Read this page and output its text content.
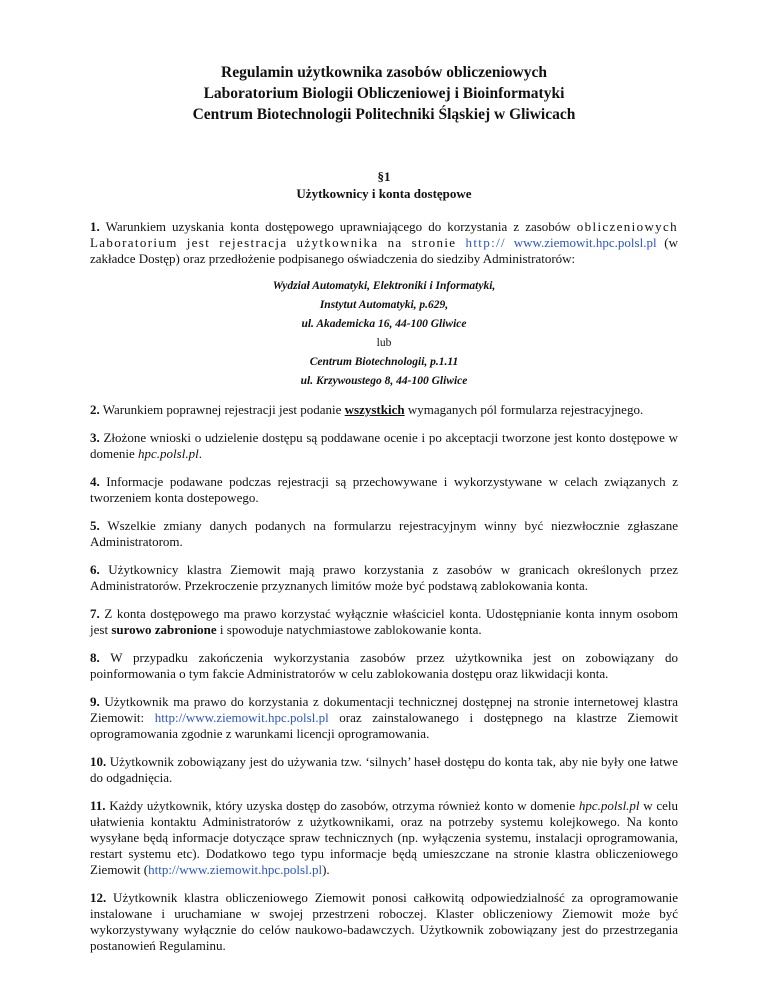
Regulamin użytkownika zasobów obliczeniowych
Laboratorium Biologii Obliczeniowej i Bioinformatyki
Centrum Biotechnologii Politechniki Śląskiej w Gliwicach
§1
Użytkownicy i konta dostępowe

1. Warunkiem uzyskania konta dostępowego uprawniającego do korzystania z zasobów obliczeniowych Laboratorium jest rejestracja użytkownika na stronie http:// www.ziemowit.hpc.polsl.pl (w zakładce Dostęp) oraz przedłożenie podpisanego oświadczenia do siedziby Administratorów:

Wydział Automatyki, Elektroniki i Informatyki,
Instytut Automatyki, p.629,
ul. Akademicka 16, 44-100 Gliwice
lub
Centrum Biotechnologii, p.1.11
ul. Krzywoustego 8, 44-100 Gliwice

2. Warunkiem poprawnej rejestracji jest podanie wszystkich wymaganych pól formularza rejestracyjnego.

3. Złożone wnioski o udzielenie dostępu są poddawane ocenie i po akceptacji tworzone jest konto dostępowe w domenie hpc.polsl.pl.

4. Informacje podawane podczas rejestracji są przechowywane i wykorzystywane w celach związanych z tworzeniem konta dostepowego.

5. Wszelkie zmiany danych podanych na formularzu rejestracyjnym winny być niezwłocznie zgłaszane Administratorom.

6. Użytkownicy klastra Ziemowit mają prawo korzystania z zasobów w granicach określonych przez Administratorów. Przekroczenie przyznanych limitów może być podstawą zablokowania konta.

7. Z konta dostępowego ma prawo korzystać wyłącznie właściciel konta. Udostępnianie konta innym osobom jest surowo zabronione i spowoduje natychmiastowe zablokowanie konta.

8. W przypadku zakończenia wykorzystania zasobów przez użytkownika jest on zobowiązany do poinformowania o tym fakcie Administratorów w celu zablokowania dostępu oraz likwidacji konta.

9. Użytkownik ma prawo do korzystania z dokumentacji technicznej dostępnej na stronie internetowej klastra Ziemowit: http://www.ziemowit.hpc.polsl.pl oraz zainstalowanego i dostępnego na klastrze Ziemowit oprogramowania zgodnie z warunkami licencji oprogramowania.

10. Użytkownik zobowiązany jest do używania tzw. ‘silnych’ haseł dostępu do konta tak, aby nie były one łatwe do odgadnięcia.

11. Każdy użytkownik, który uzyska dostęp do zasobów, otrzyma również konto w domenie hpc.polsl.pl w celu ułatwienia kontaktu Administratorów z użytkownikami, oraz na potrzeby systemu kolejkowego. Na konto wysyłane będą informacje dotyczące spraw technicznych (np. wyłączenia systemu, instalacji oprogramowania, restart systemu etc). Dodatkowo tego typu informacje będą umieszczane na stronie klastra obliczeniowego Ziemowit (http://www.ziemowit.hpc.polsl.pl).

12. Użytkownik klastra obliczeniowego Ziemowit ponosi całkowitą odpowiedzialność za oprogramowanie instalowane i uruchamiane w swojej przestrzeni roboczej. Klaster obliczeniowy Ziemowit może być wykorzystywany wyłącznie do celów naukowo-badawczych. Użytkownik zobowiązany jest do przestrzegania postanowień Regulaminu.
